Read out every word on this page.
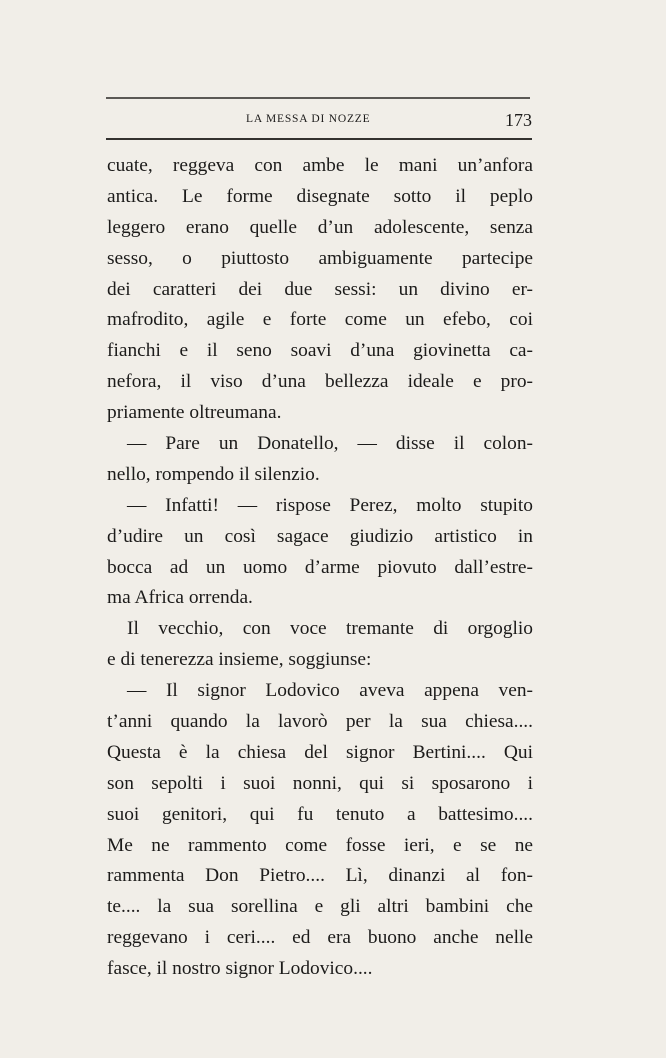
LA MESSA DI NOZZE	173
cuate, reggeva con ambe le mani un’anfora
antica. Le forme disegnate sotto il peplo
leggero erano quelle d’un adolescente, senza
sesso, o piuttosto ambiguamente partecipe
dei caratteri dei due sessi: un divino er-
mafrodito, agile e forte come un efebo, coi
fianchi e il seno soavi d’una giovinetta ca-
nefora, il viso d’una bellezza ideale e pro-
priamente oltreumana.
— Pare un Donatello, — disse il colon-
nello, rompendo il silenzio.
— Infatti! — rispose Perez, molto stupito
d’udire un così sagace giudizio artistico in
bocca ad un uomo d’arme piovuto dall’estre-
ma Africa orrenda.
Il vecchio, con voce tremante di orgoglio
e di tenerezza insieme, soggiunse:
— Il signor Lodovico aveva appena ven-
t’anni quando la lavorò per la sua chiesa....
Questa è la chiesa del signor Bertini.... Qui
son sepolti i suoi nonni, qui si sposarono i
suoi genitori, qui fu tenuto a battesimo....
Me ne rammento come fosse ieri, e se ne
rammenta Don Pietro.... Lì, dinanzi al fon-
te.... la sua sorellina e gli altri bambini che
reggevano i ceri.... ed era buono anche nelle
fasce, il nostro signor Lodovico....
